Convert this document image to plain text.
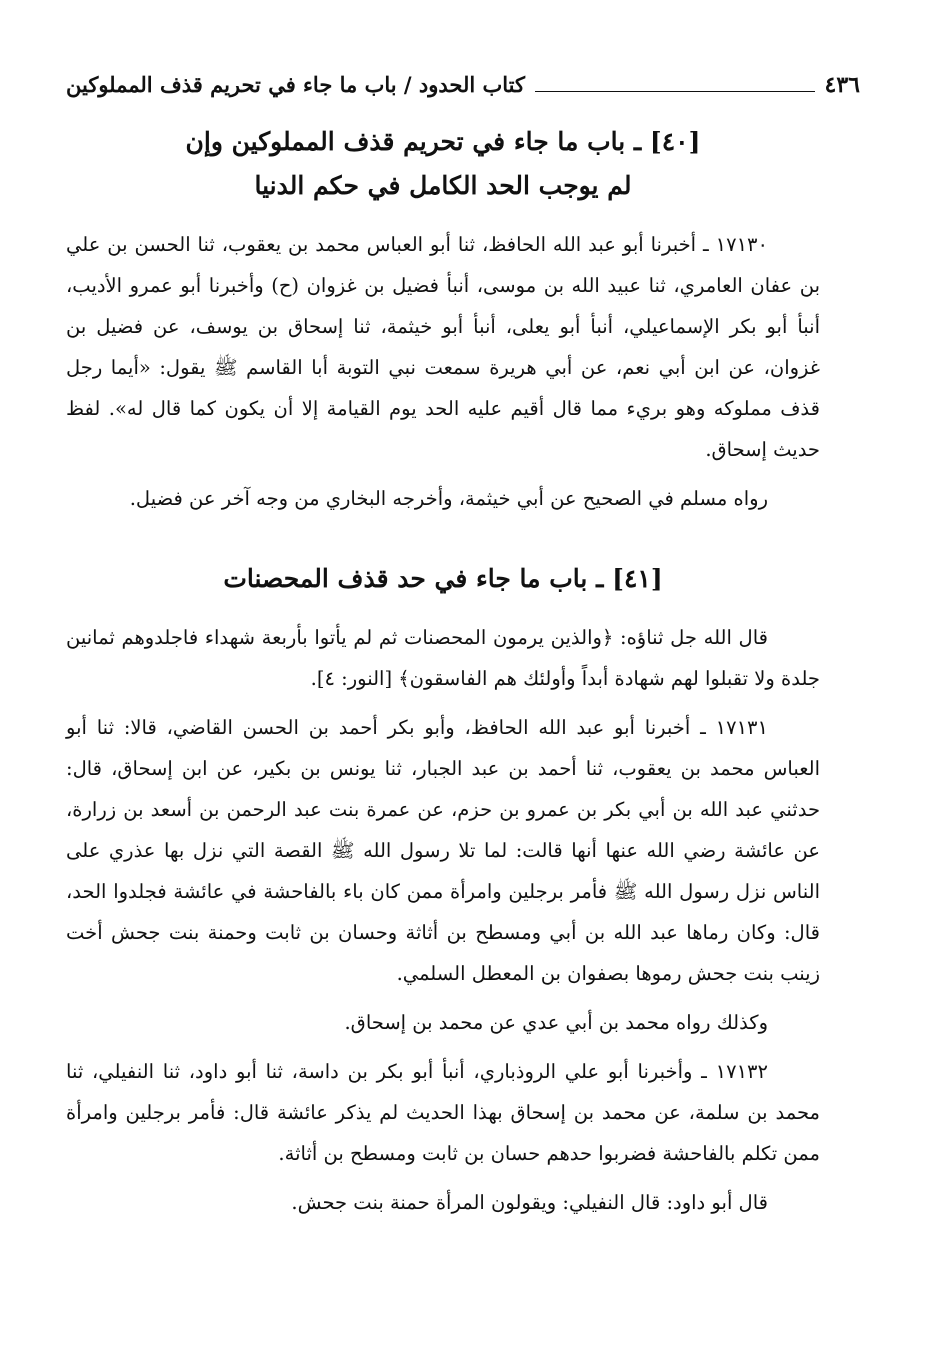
٤٣٦
كتاب الحدود / باب ما جاء في تحريم قذف المملوكين
[٤٠] ـ باب ما جاء في تحريم قذف المملوكين وإن
لم يوجب الحد الكامل في حكم الدنيا

١٧١٣٠ ـ أخبرنا أبو عبد الله الحافظ، ثنا أبو العباس محمد بن يعقوب، ثنا الحسن بن علي بن عفان العامري، ثنا عبيد الله بن موسى، أنبأ فضيل بن غزوان (ح) وأخبرنا أبو عمرو الأديب، أنبأ أبو بكر الإسماعيلي، أنبأ أبو يعلى، أنبأ أبو خيثمة، ثنا إسحاق بن يوسف، عن فضيل بن غزوان، عن ابن أبي نعم، عن أبي هريرة سمعت نبي التوبة أبا القاسم ﷺ يقول: «أيما رجل قذف مملوكه وهو بريء مما قال أقيم عليه الحد يوم القيامة إلا أن يكون كما قال له». لفظ حديث إسحاق.

رواه مسلم في الصحيح عن أبي خيثمة، وأخرجه البخاري من وجه آخر عن فضيل.

[٤١] ـ باب ما جاء في حد قذف المحصنات

قال الله جل ثناؤه: ﴿والذين يرمون المحصنات ثم لم يأتوا بأربعة شهداء فاجلدوهم ثمانين جلدة ولا تقبلوا لهم شهادة أبداً وأولئك هم الفاسقون﴾ [النور: ٤].

١٧١٣١ ـ أخبرنا أبو عبد الله الحافظ، وأبو بكر أحمد بن الحسن القاضي، قالا: ثنا أبو العباس محمد بن يعقوب، ثنا أحمد بن عبد الجبار، ثنا يونس بن بكير، عن ابن إسحاق، قال: حدثني عبد الله بن أبي بكر بن عمرو بن حزم، عن عمرة بنت عبد الرحمن بن أسعد بن زرارة، عن عائشة رضي الله عنها أنها قالت: لما تلا رسول الله ﷺ القصة التي نزل بها عذري على الناس نزل رسول الله ﷺ فأمر برجلين وامرأة ممن كان باء بالفاحشة في عائشة فجلدوا الحد، قال: وكان رماها عبد الله بن أبي ومسطح بن أثاثة وحسان بن ثابت وحمنة بنت جحش أخت زينب بنت جحش رموها بصفوان بن المعطل السلمي.

وكذلك رواه محمد بن أبي عدي عن محمد بن إسحاق.

١٧١٣٢ ـ وأخبرنا أبو علي الروذباري، أنبأ أبو بكر بن داسة، ثنا أبو داود، ثنا النفيلي، ثنا محمد بن سلمة، عن محمد بن إسحاق بهذا الحديث لم يذكر عائشة قال: فأمر برجلين وامرأة ممن تكلم بالفاحشة فضربوا حدهم حسان بن ثابت ومسطح بن أثاثة.

قال أبو داود: قال النفيلي: ويقولون المرأة حمنة بنت جحش.
